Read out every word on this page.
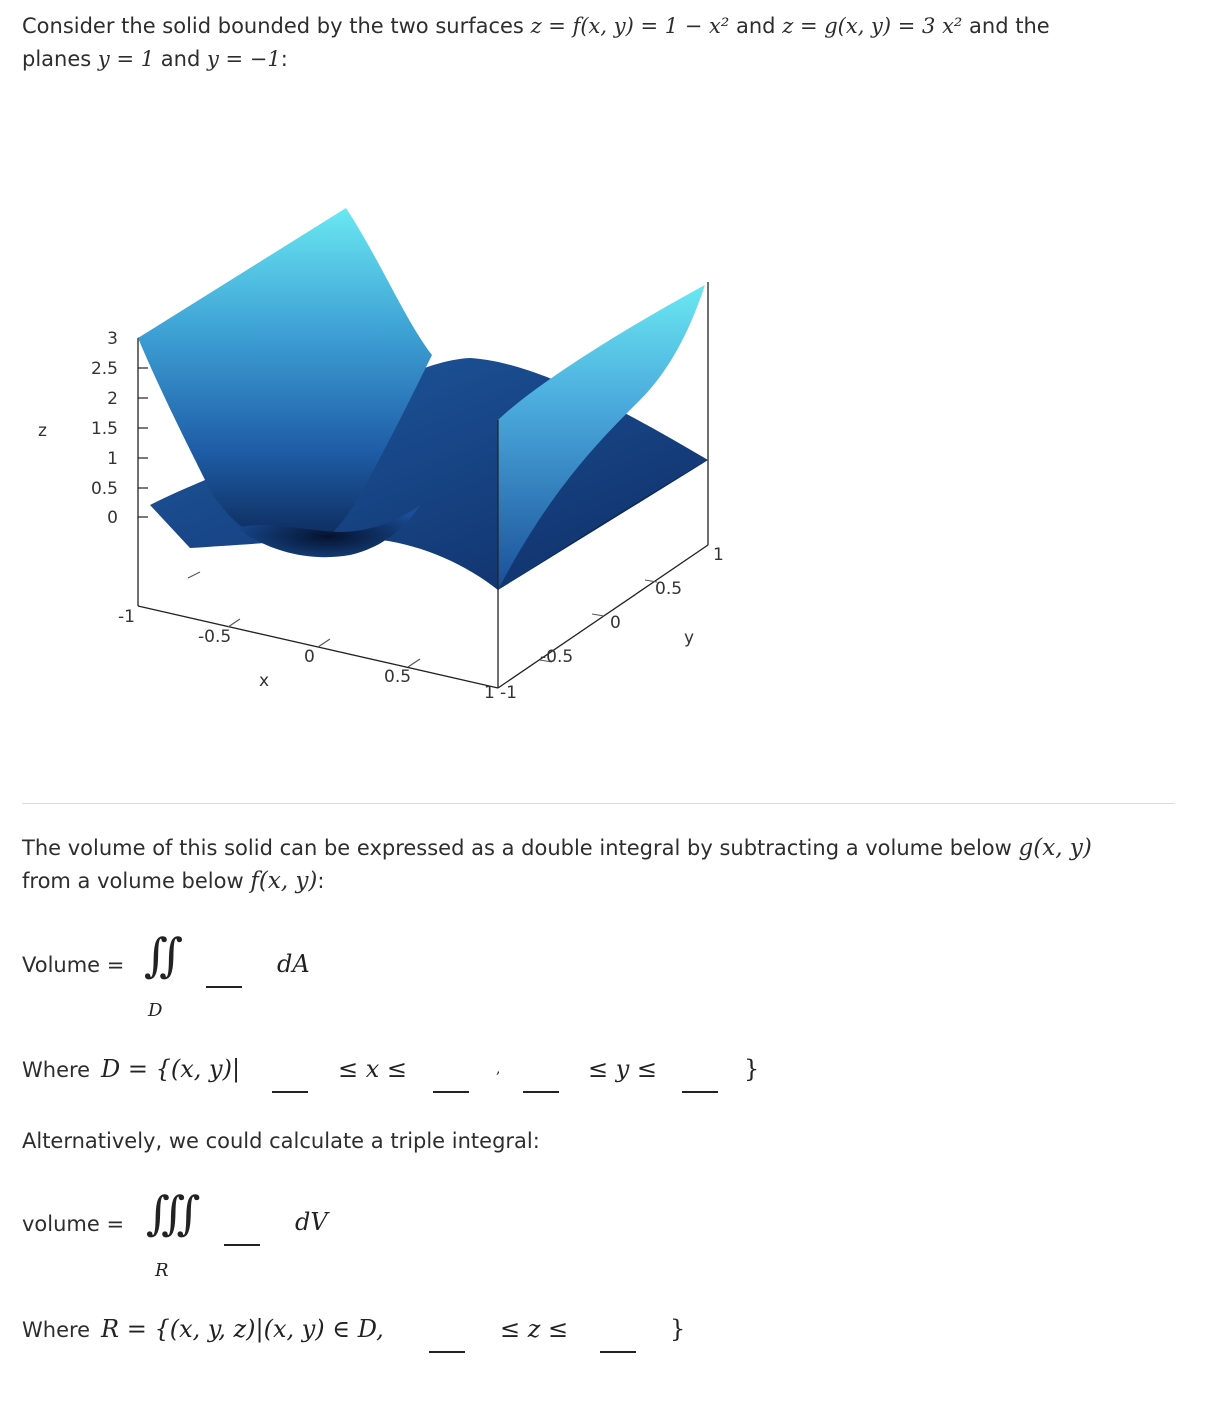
Consider the solid bounded by the two surfaces z = f(x, y) = 1 − x² and z = g(x, y) = 3 x² and the
planes y = 1 and y = −1:
z
3
2.5
2
1.5
1
0.5
0
-1
-0.5
0
0.5
1
x
-1
-0.5
0
0.5
1
y
The volume of this solid can be expressed as a double integral by subtracting a volume below g(x, y)
from a volume below f(x, y):
Volume = ∬
D
dA
Where D = {(x, y)|	≤ x ≤	,	≤ y ≤	}
Alternatively, we could calculate a triple integral:
volume = ∭
R
dV
Where R = {(x, y, z)|(x, y) ∈ D,	≤ z ≤	}
